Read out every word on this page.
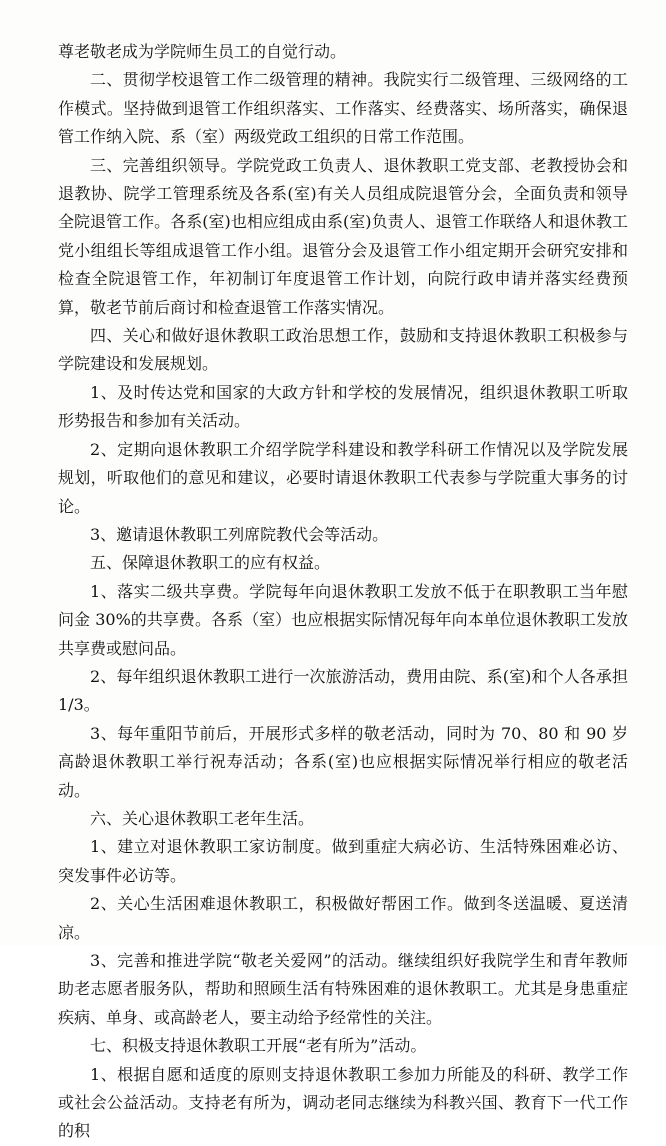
尊老敬老成为学院师生员工的自觉行动。

二、贯彻学校退管工作二级管理的精神。我院实行二级管理、三级网络的工作模式。坚持做到退管工作组织落实、工作落实、经费落实、场所落实，确保退管工作纳入院、系（室）两级党政工组织的日常工作范围。

三、完善组织领导。学院党政工负责人、退休教职工党支部、老教授协会和退教协、院学工管理系统及各系(室)有关人员组成院退管分会，全面负责和领导全院退管工作。各系(室)也相应组成由系(室)负责人、退管工作联络人和退休教工党小组组长等组成退管工作小组。退管分会及退管工作小组定期开会研究安排和检查全院退管工作，年初制订年度退管工作计划，向院行政申请并落实经费预算，敬老节前后商讨和检查退管工作落实情况。

四、关心和做好退休教职工政治思想工作，鼓励和支持退休教职工积极参与学院建设和发展规划。

1、及时传达党和国家的大政方针和学校的发展情况，组织退休教职工听取形势报告和参加有关活动。

2、定期向退休教职工介绍学院学科建设和教学科研工作情况以及学院发展规划，听取他们的意见和建议，必要时请退休教职工代表参与学院重大事务的讨论。

3、邀请退休教职工列席院教代会等活动。

五、保障退休教职工的应有权益。

1、落实二级共享费。学院每年向退休教职工发放不低于在职教职工当年慰问金 30%的共享费。各系（室）也应根据实际情况每年向本单位退休教职工发放共享费或慰问品。

2、每年组织退休教职工进行一次旅游活动，费用由院、系(室)和个人各承担 1/3。

3、每年重阳节前后，开展形式多样的敬老活动，同时为 70、80 和 90 岁高龄退休教职工举行祝寿活动；各系(室)也应根据实际情况举行相应的敬老活动。

六、关心退休教职工老年生活。

1、建立对退休教职工家访制度。做到重症大病必访、生活特殊困难必访、突发事件必访等。

2、关心生活困难退休教职工，积极做好帮困工作。做到冬送温暖、夏送清凉。

3、完善和推进学院“敬老关爱网”的活动。继续组织好我院学生和青年教师助老志愿者服务队，帮助和照顾生活有特殊困难的退休教职工。尤其是身患重症疾病、单身、或高龄老人，要主动给予经常性的关注。

七、积极支持退休教职工开展“老有所为”活动。

1、根据自愿和适度的原则支持退休教职工参加力所能及的科研、教学工作或社会公益活动。支持老有所为，调动老同志继续为科教兴国、教育下一代工作的积
